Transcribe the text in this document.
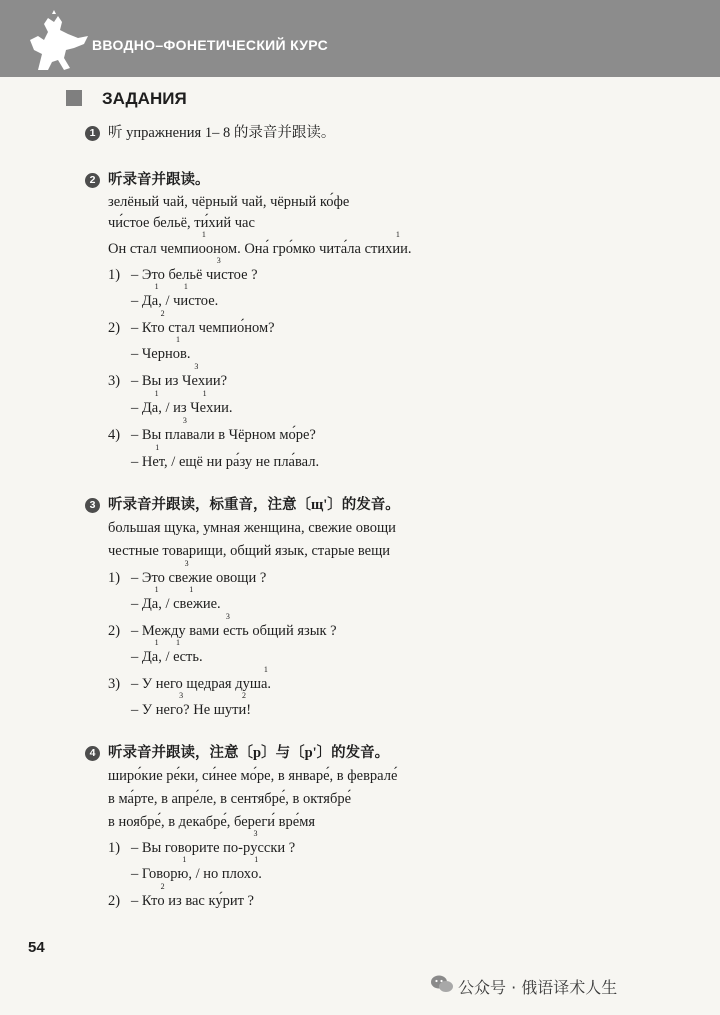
ВВОДНО–ФОНЕТИЧЕСКИЙ КУРС
ЗАДАНИЯ
1 听 упражнения 1– 8 的录音并跟读。
2 听录音并跟读。
зелёный чай, чёрный чай, чёрный ко́фе
чи́стое бельё, ти́хий час
Он стал чемпи
1
ооном. Она́ гро́мко чита́ла стих
1
ии.
1) – Это бельё ч
3
истое ?
– Д
1
а, / ч
1
истое.
2) – Кт
2
о стал чемпио́ном?
– Черн
1
ов.
3) – Вы из Ч
3
ехии?
– Д
1
а, / из Ч
1
ехии.
4) – Вы пл
3
авали в Чёрном мо́ре?
– Н
1
ет, / ещё ни ра́зу не пла́вал.
3 听录音并跟读，标重音，注意〔щ'〕的发音。
большая щука, умная женщина, свежие овощи
честные товарищи, общий язык, старые вещи
1) – Это св
3
ежие овощи ?
– Д
1
а, / св
1
ежие.
2) – Между вами
3
есть общий язык ?
– Д
1
а, /
1
есть.
3) – У него щедрая душ
1
а.
– У нег
3
о? Не шут
2
и!
4 听录音并跟读，注意〔р〕与〔р'〕的发音。
широ́кие ре́ки, си́нее мо́ре, в январе́, в феврале́
в ма́рте, в апре́ле, в сентябре́, в октябре́
в ноябре́, в декабре́, береги́ вре́мя
1) – Вы говорите по-р
3
усски ?
– Говор
1
ю, / но плох
1
о.
2) – Кт
2
о из вас ку́рит ?
54
公众号 · 俄语译术人生
